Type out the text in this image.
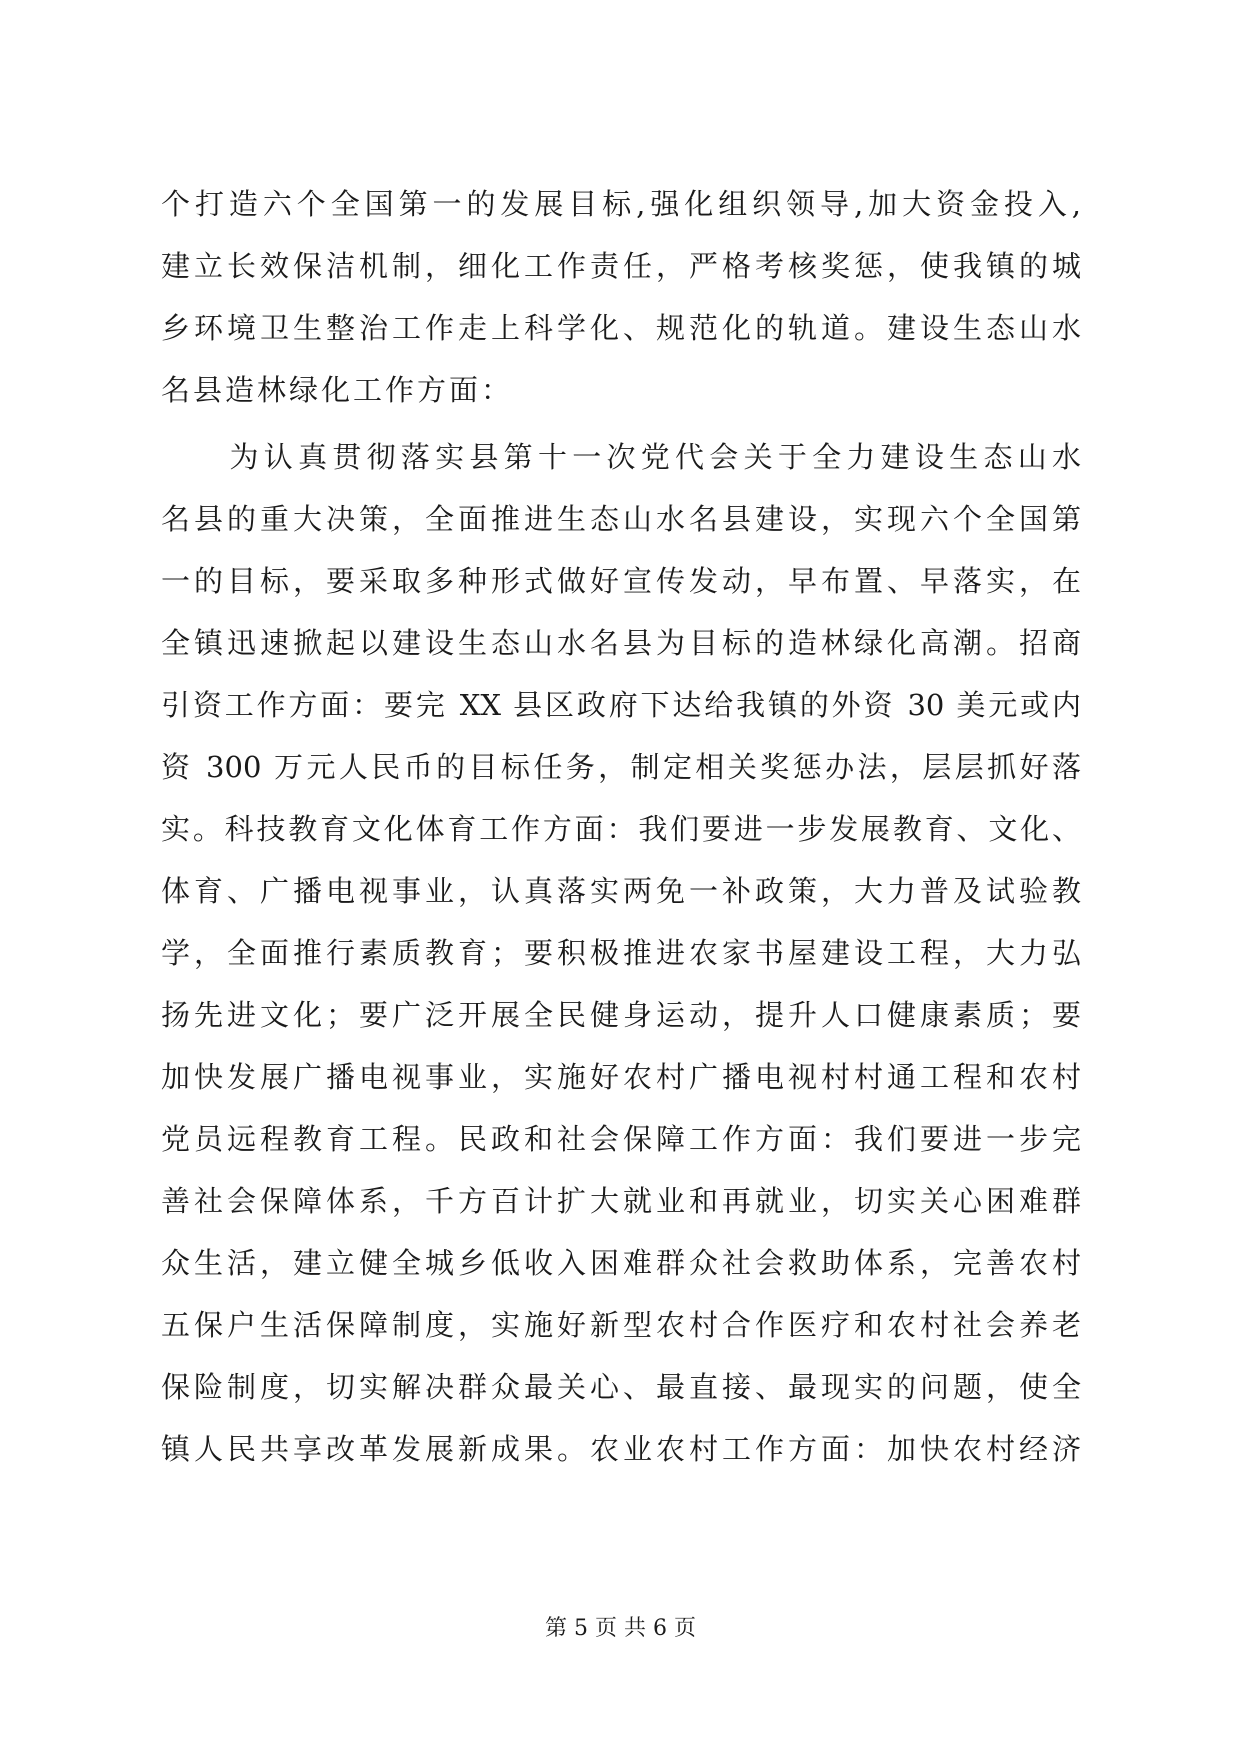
个打造六个全国第一的发展目标,强化组织领导,加大资金投入,
建立长效保洁机制，细化工作责任，严格考核奖惩，使我镇的城
乡环境卫生整治工作走上科学化、规范化的轨道。建设生态山水
名县造林绿化工作方面：
　　为认真贯彻落实县第十一次党代会关于全力建设生态山水
名县的重大决策，全面推进生态山水名县建设，实现六个全国第
一的目标，要采取多种形式做好宣传发动，早布置、早落实，在
全镇迅速掀起以建设生态山水名县为目标的造林绿化高潮。招商
引资工作方面：要完 XX 县区政府下达给我镇的外资 30 美元或内
资 300 万元人民币的目标任务，制定相关奖惩办法，层层抓好落
实。科技教育文化体育工作方面：我们要进一步发展教育、文化、
体育、广播电视事业，认真落实两免一补政策，大力普及试验教
学，全面推行素质教育；要积极推进农家书屋建设工程，大力弘
扬先进文化；要广泛开展全民健身运动，提升人口健康素质；要
加快发展广播电视事业，实施好农村广播电视村村通工程和农村
党员远程教育工程。民政和社会保障工作方面：我们要进一步完
善社会保障体系，千方百计扩大就业和再就业，切实关心困难群
众生活，建立健全城乡低收入困难群众社会救助体系，完善农村
五保户生活保障制度，实施好新型农村合作医疗和农村社会养老
保险制度，切实解决群众最关心、最直接、最现实的问题，使全
镇人民共享改革发展新成果。农业农村工作方面：加快农村经济
第 5 页 共 6 页
